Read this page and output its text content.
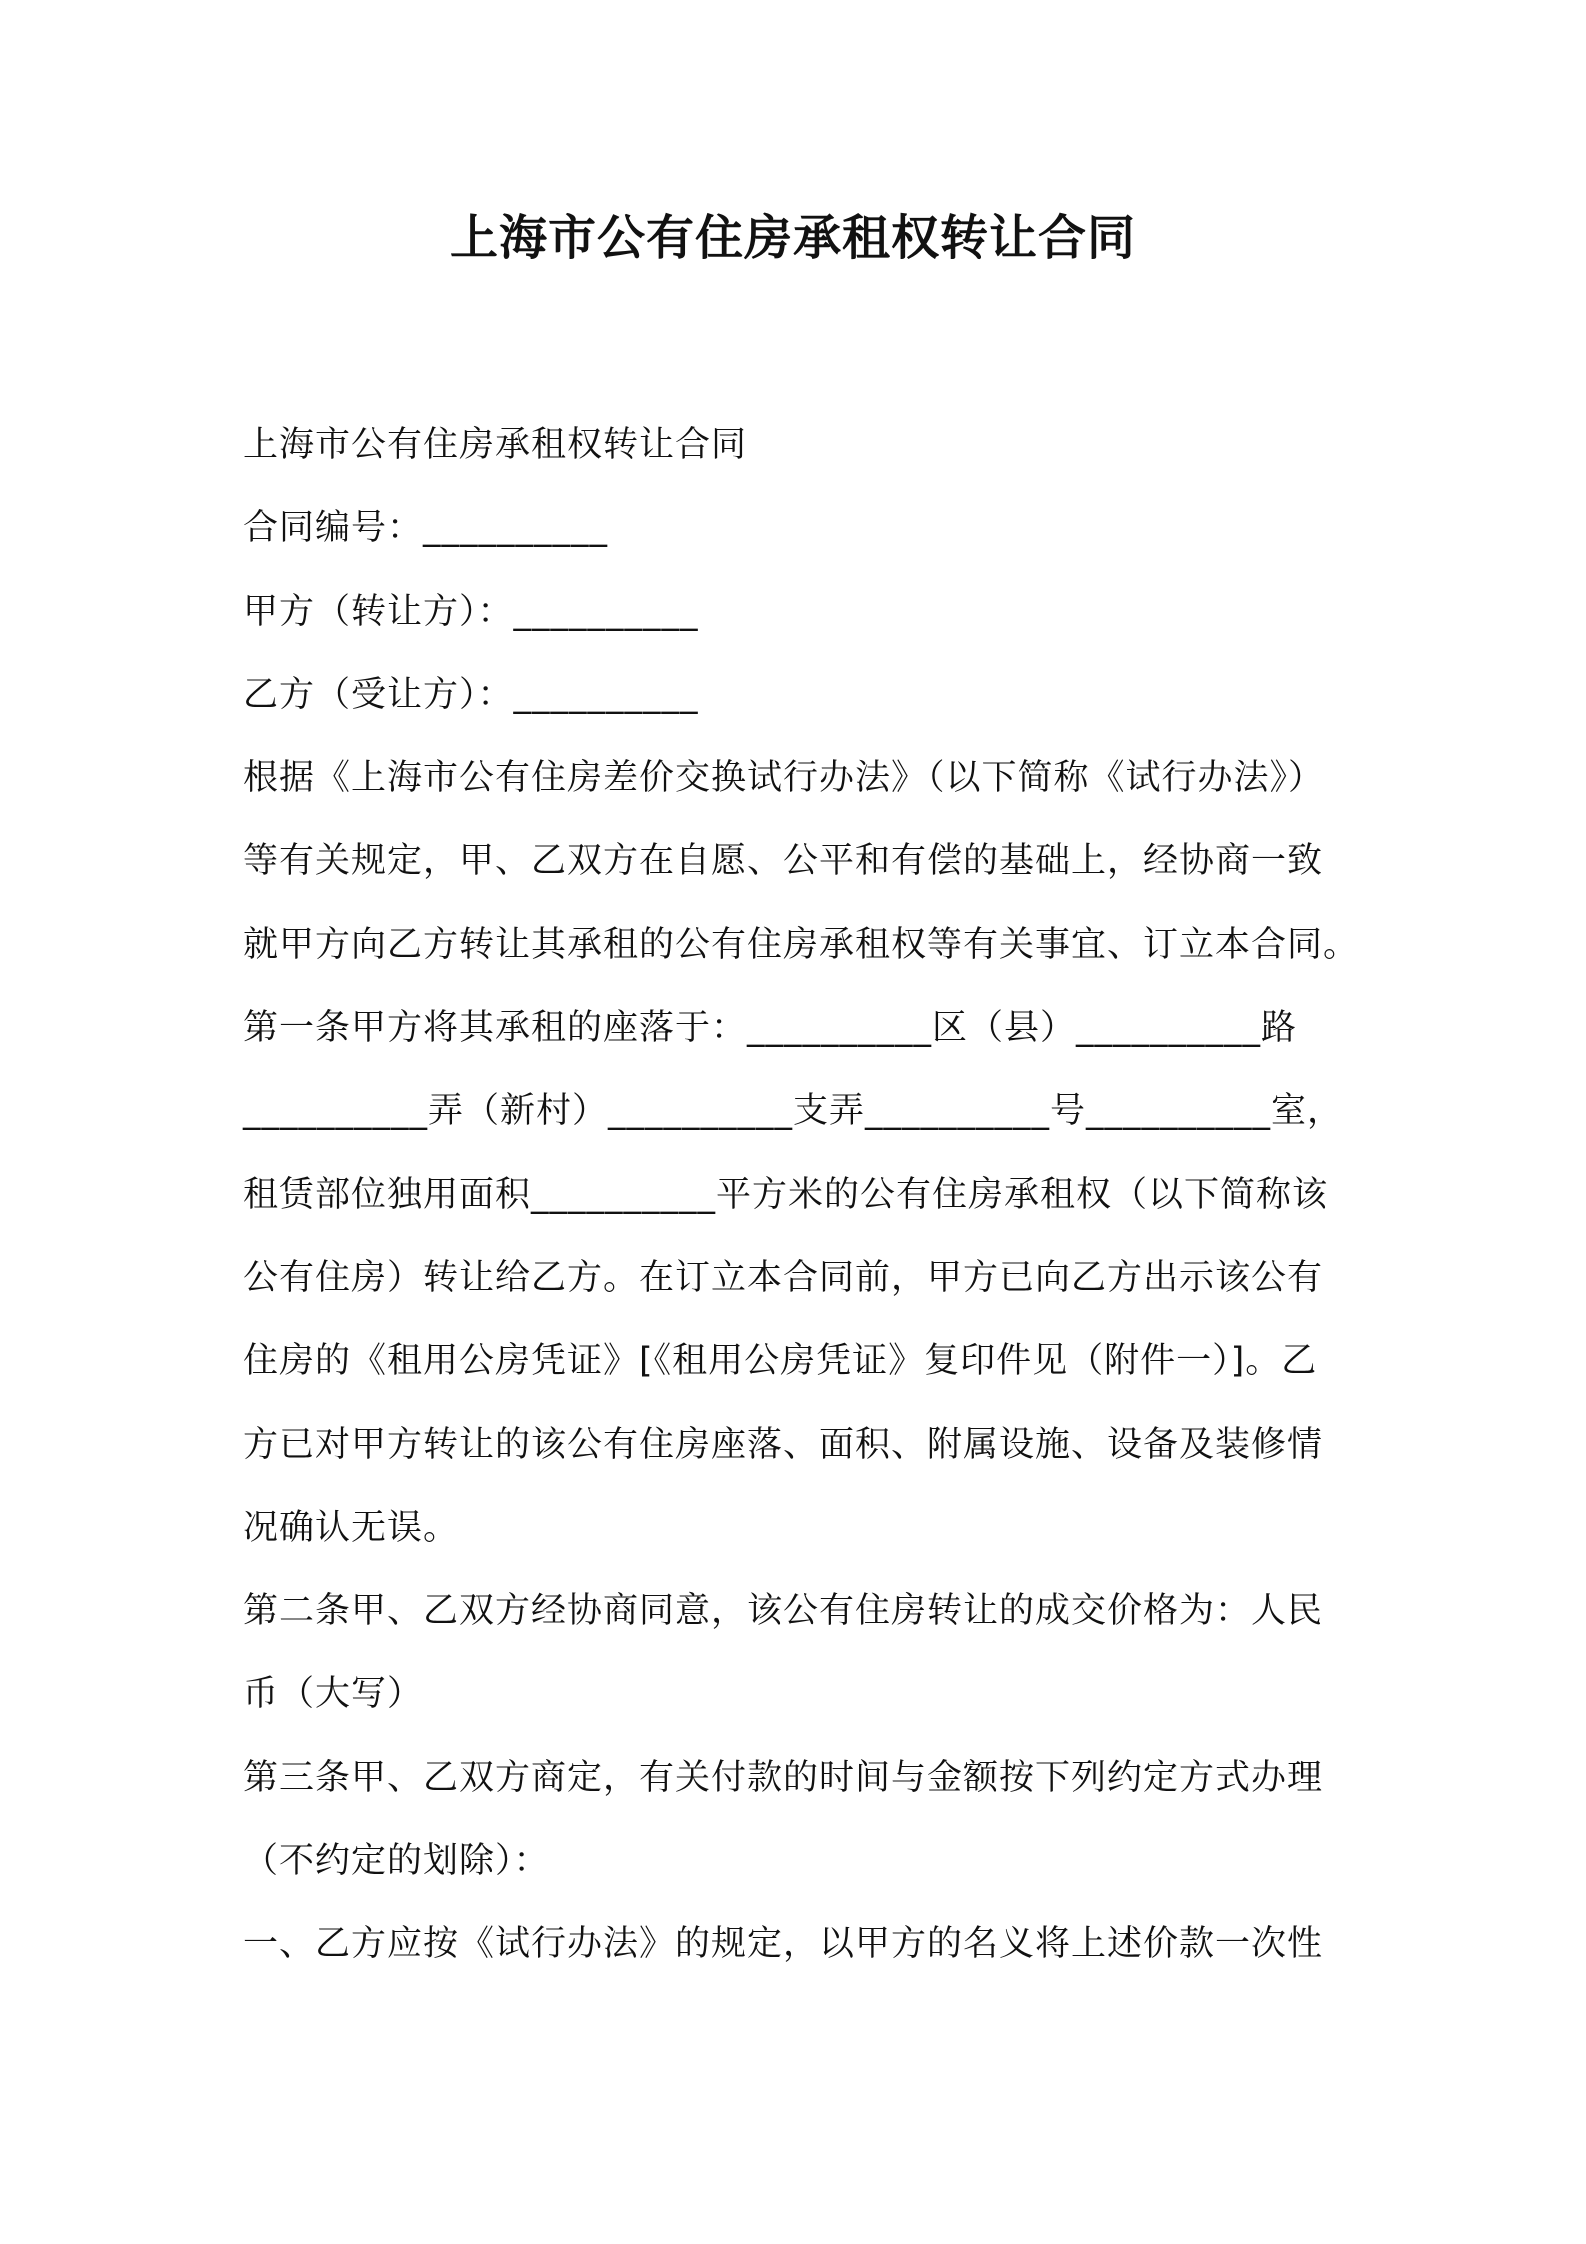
上海市公有住房承租权转让合同

上海市公有住房承租权转让合同

合同编号：__________

甲方（转让方）：__________

乙方（受让方）：__________

根据《上海市公有住房差价交换试行办法》（以下简称《试行办法》）

等有关规定，甲、乙双方在自愿、公平和有偿的基础上，经协商一致

就甲方向乙方转让其承租的公有住房承租权等有关事宜、订立本合同。

第一条甲方将其承租的座落于：__________区（县）__________路

__________弄（新村）__________支弄__________号__________室，

租赁部位独用面积__________平方米的公有住房承租权（以下简称该

公有住房）转让给乙方。在订立本合同前，甲方已向乙方出示该公有

住房的《租用公房凭证》[《租用公房凭证》复印件见（附件一）]。乙

方已对甲方转让的该公有住房座落、面积、附属设施、设备及装修情

况确认无误。

第二条甲、乙双方经协商同意，该公有住房转让的成交价格为：人民

币（大写）

第三条甲、乙双方商定，有关付款的时间与金额按下列约定方式办理

（不约定的划除）：

一、乙方应按《试行办法》的规定，以甲方的名义将上述价款一次性
